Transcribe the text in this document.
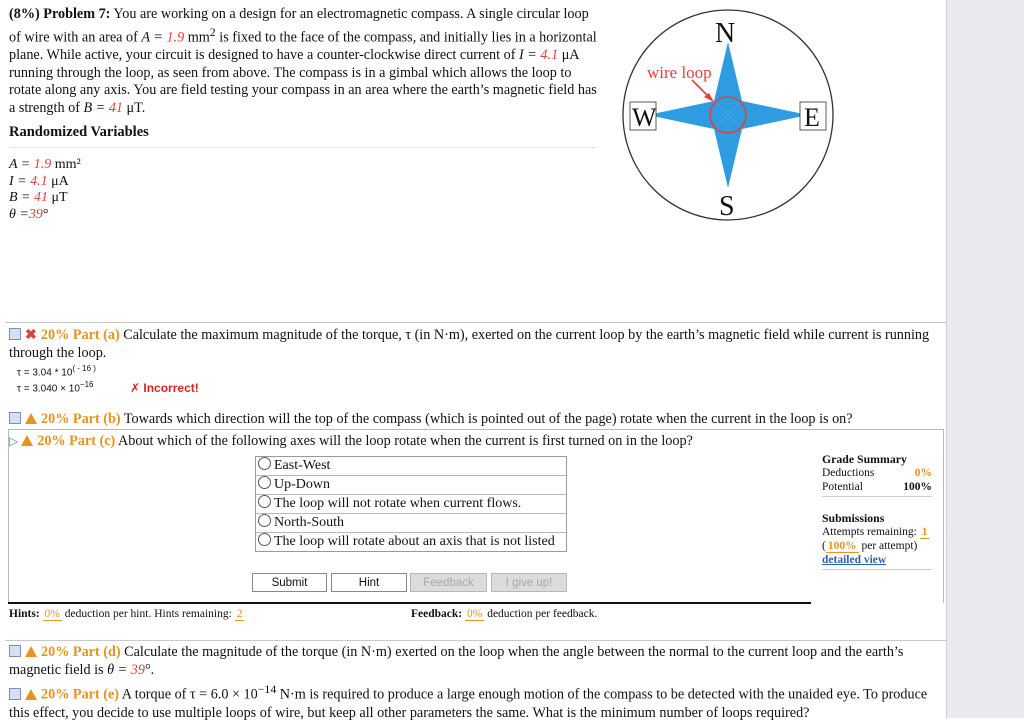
(8%) Problem 7: You are working on a design for an electromagnetic compass. A single circular loop of wire with an area of A = 1.9 $mm^2$ is fixed to the face of the compass, and initially lies in a horizontal plane. While active, your circuit is designed to have a counter-clockwise direct current of I = 4.1 μA running through the loop, as seen from above. The compass is in a gimbal which allows the loop to rotate along any axis. You are field testing your compass in an area where the earth’s magnetic field has a strength of B = 41 μT.
Randomized Variables
A = 1.9 mm²
I = 4.1 μA
B = 41 μT
θ =39°
N
S
W	E
wire loop
✖ 20% Part (a) Calculate the maximum magnitude of the torque, τ (in N·m), exerted on the current loop by the earth’s magnetic field while current is running through the loop.
$\tau = 3.04 * 10^{( - 16 )}$
$\tau = 3.040 \times 10^{-16}$	✗ Incorrect!
20% Part (b) Towards which direction will the top of the compass (which is pointed out of the page) rotate when the current in the loop is on?
▷ 20% Part (c) About which of the following axes will the loop rotate when the current is first turned on in the loop?
East-West
Up-Down
The loop will not rotate when current flows.
North-South
The loop will rotate about an axis that is not listed
Submit	Hint	Feedback	I give up!
Grade Summary
Deductions	0%
Potential	100%
Submissions
Attempts remaining: 1
( 100% per attempt)
detailed view
Hints: 0% deduction per hint. Hints remaining: 2	Feedback: 0% deduction per feedback.
20% Part (d) Calculate the magnitude of the torque (in N·m) exerted on the loop when the angle between the normal to the current loop and the earth’s magnetic field is θ = 39°.
20% Part (e) A torque of $\tau = 6.0 \times 10^{-14}$ N·m is required to produce a large enough motion of the compass to be detected with the unaided eye. To produce this effect, you decide to use multiple loops of wire, but keep all other parameters the same. What is the minimum number of loops required?
